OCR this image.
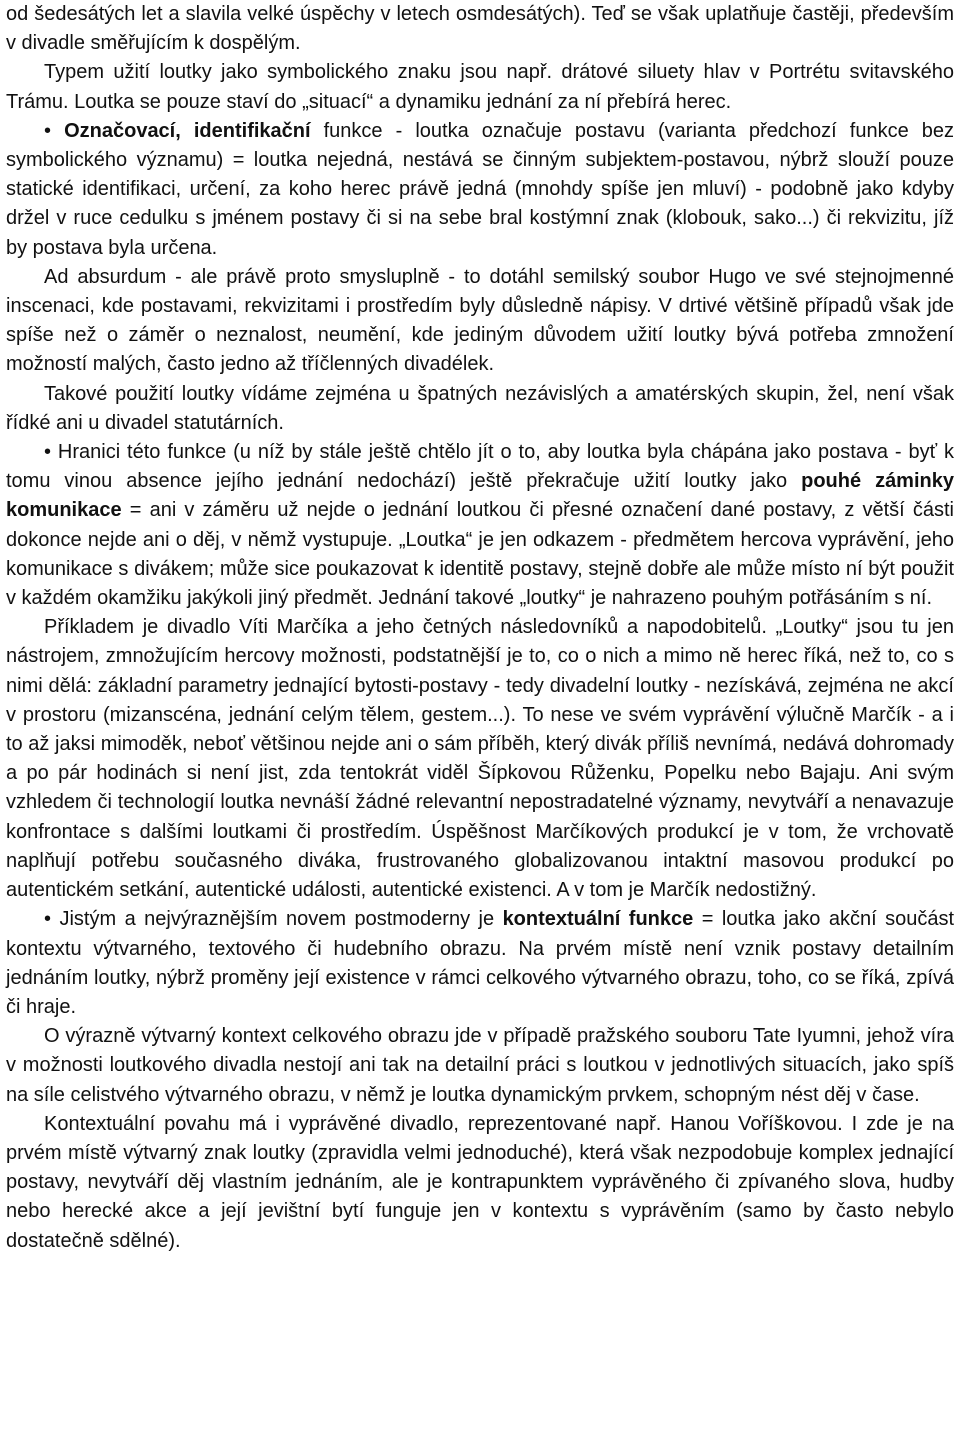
od šedesátých let a slavila velké úspěchy v letech osmdesátých). Teď se však uplatňuje častěji, především v divadle směřujícím k dospělým.

Typem užití loutky jako symbolického znaku jsou např. drátové siluety hlav v Portrétu svitavského Trámu. Loutka se pouze staví do „situací“ a dynamiku jednání za ní přebírá herec.

• Označovací, identifikační funkce - loutka označuje postavu (varianta předchozí funkce bez symbolického významu) = loutka nejedná, nestává se činným subjektem-postavou, nýbrž slouží pouze statické identifikaci, určení, za koho herec právě jedná (mnohdy spíše jen mluví) - podobně jako kdyby držel v ruce cedulku s jménem postavy či si na sebe bral kostýmní znak (klobouk, sako...) či rekvizitu, jíž by postava byla určena.

Ad absurdum - ale právě proto smysluplně - to dotáhl semilský soubor Hugo ve své stejnojmenné inscenaci, kde postavami, rekvizitami i prostředím byly důsledně nápisy. V drtivé většině případů však jde spíše než o záměr o neznalost, neumění, kde jediným důvodem užití loutky bývá potřeba zmnožení možností malých, často jedno až tříčlenných divadélek.

Takové použití loutky vídáme zejména u špatných nezávislých a amatérských skupin, žel, není však řídké ani u divadel statutárních.

• Hranici této funkce (u níž by stále ještě chtělo jít o to, aby loutka byla chápána jako postava - byť k tomu vinou absence jejího jednání nedochází) ještě překračuje užití loutky jako pouhé záminky komunikace = ani v záměru už nejde o jednání loutkou či přesné označení dané postavy, z větší části dokonce nejde ani o děj, v němž vystupuje. „Loutka“ je jen odkazem - předmětem hercova vyprávění, jeho komunikace s divákem; může sice poukazovat k identitě postavy, stejně dobře ale může místo ní být použit v každém okamžiku jakýkoli jiný předmět. Jednání takové „loutky“ je nahrazeno pouhým potřásáním s ní.

Příkladem je divadlo Víti Marčíka a jeho četných následovníků a napodobitelů. „Loutky“ jsou tu jen nástrojem, zmnožujícím hercovy možnosti, podstatnější je to, co o nich a mimo ně herec říká, než to, co s nimi dělá: základní parametry jednající bytosti-postavy - tedy divadelní loutky - nezískává, zejména ne akcí v prostoru (mizanscéna, jednání celým tělem, gestem...). To nese ve svém vyprávění výlučně Marčík - a i to až jaksi mimoděk, neboť většinou nejde ani o sám příběh, který divák příliš nevnímá, nedává dohromady a po pár hodinách si není jist, zda tentokrát viděl Šípkovou Růženku, Popelku nebo Bajaju. Ani svým vzhledem či technologií loutka nevnáší žádné relevantní nepostradatelné významy, nevytváří a nenavazuje konfrontace s dalšími loutkami či prostředím. Úspěšnost Marčíkových produkcí je v tom, že vrchovatě naplňují potřebu současného diváka, frustrovaného globalizovanou intaktní masovou produkcí po autentickém setkání, autentické události, autentické existenci. A v tom je Marčík nedostižný.

• Jistým a nejvýraznějším novem postmoderny je kontextuální funkce = loutka jako akční součást kontextu výtvarného, textového či hudebního obrazu. Na prvém místě není vznik postavy detailním jednáním loutky, nýbrž proměny její existence v rámci celkového výtvarného obrazu, toho, co se říká, zpívá či hraje.

O výrazně výtvarný kontext celkového obrazu jde v případě pražského souboru Tate Iyumni, jehož víra v možnosti loutkového divadla nestojí ani tak na detailní práci s loutkou v jednotlivých situacích, jako spíš na síle celistvého výtvarného obrazu, v němž je loutka dynamickým prvkem, schopným nést děj v čase.

Kontextuální povahu má i vyprávěné divadlo, reprezentované např. Hanou Voříškovou. I zde je na prvém místě výtvarný znak loutky (zpravidla velmi jednoduché), která však nezpodobuje komplex jednající postavy, nevytváří děj vlastním jednáním, ale je kontrapunktem vyprávěného či zpívaného slova, hudby nebo herecké akce a její jevištní bytí funguje jen v kontextu s vyprávěním (samo by často nebylo dostatečně sdělné).
